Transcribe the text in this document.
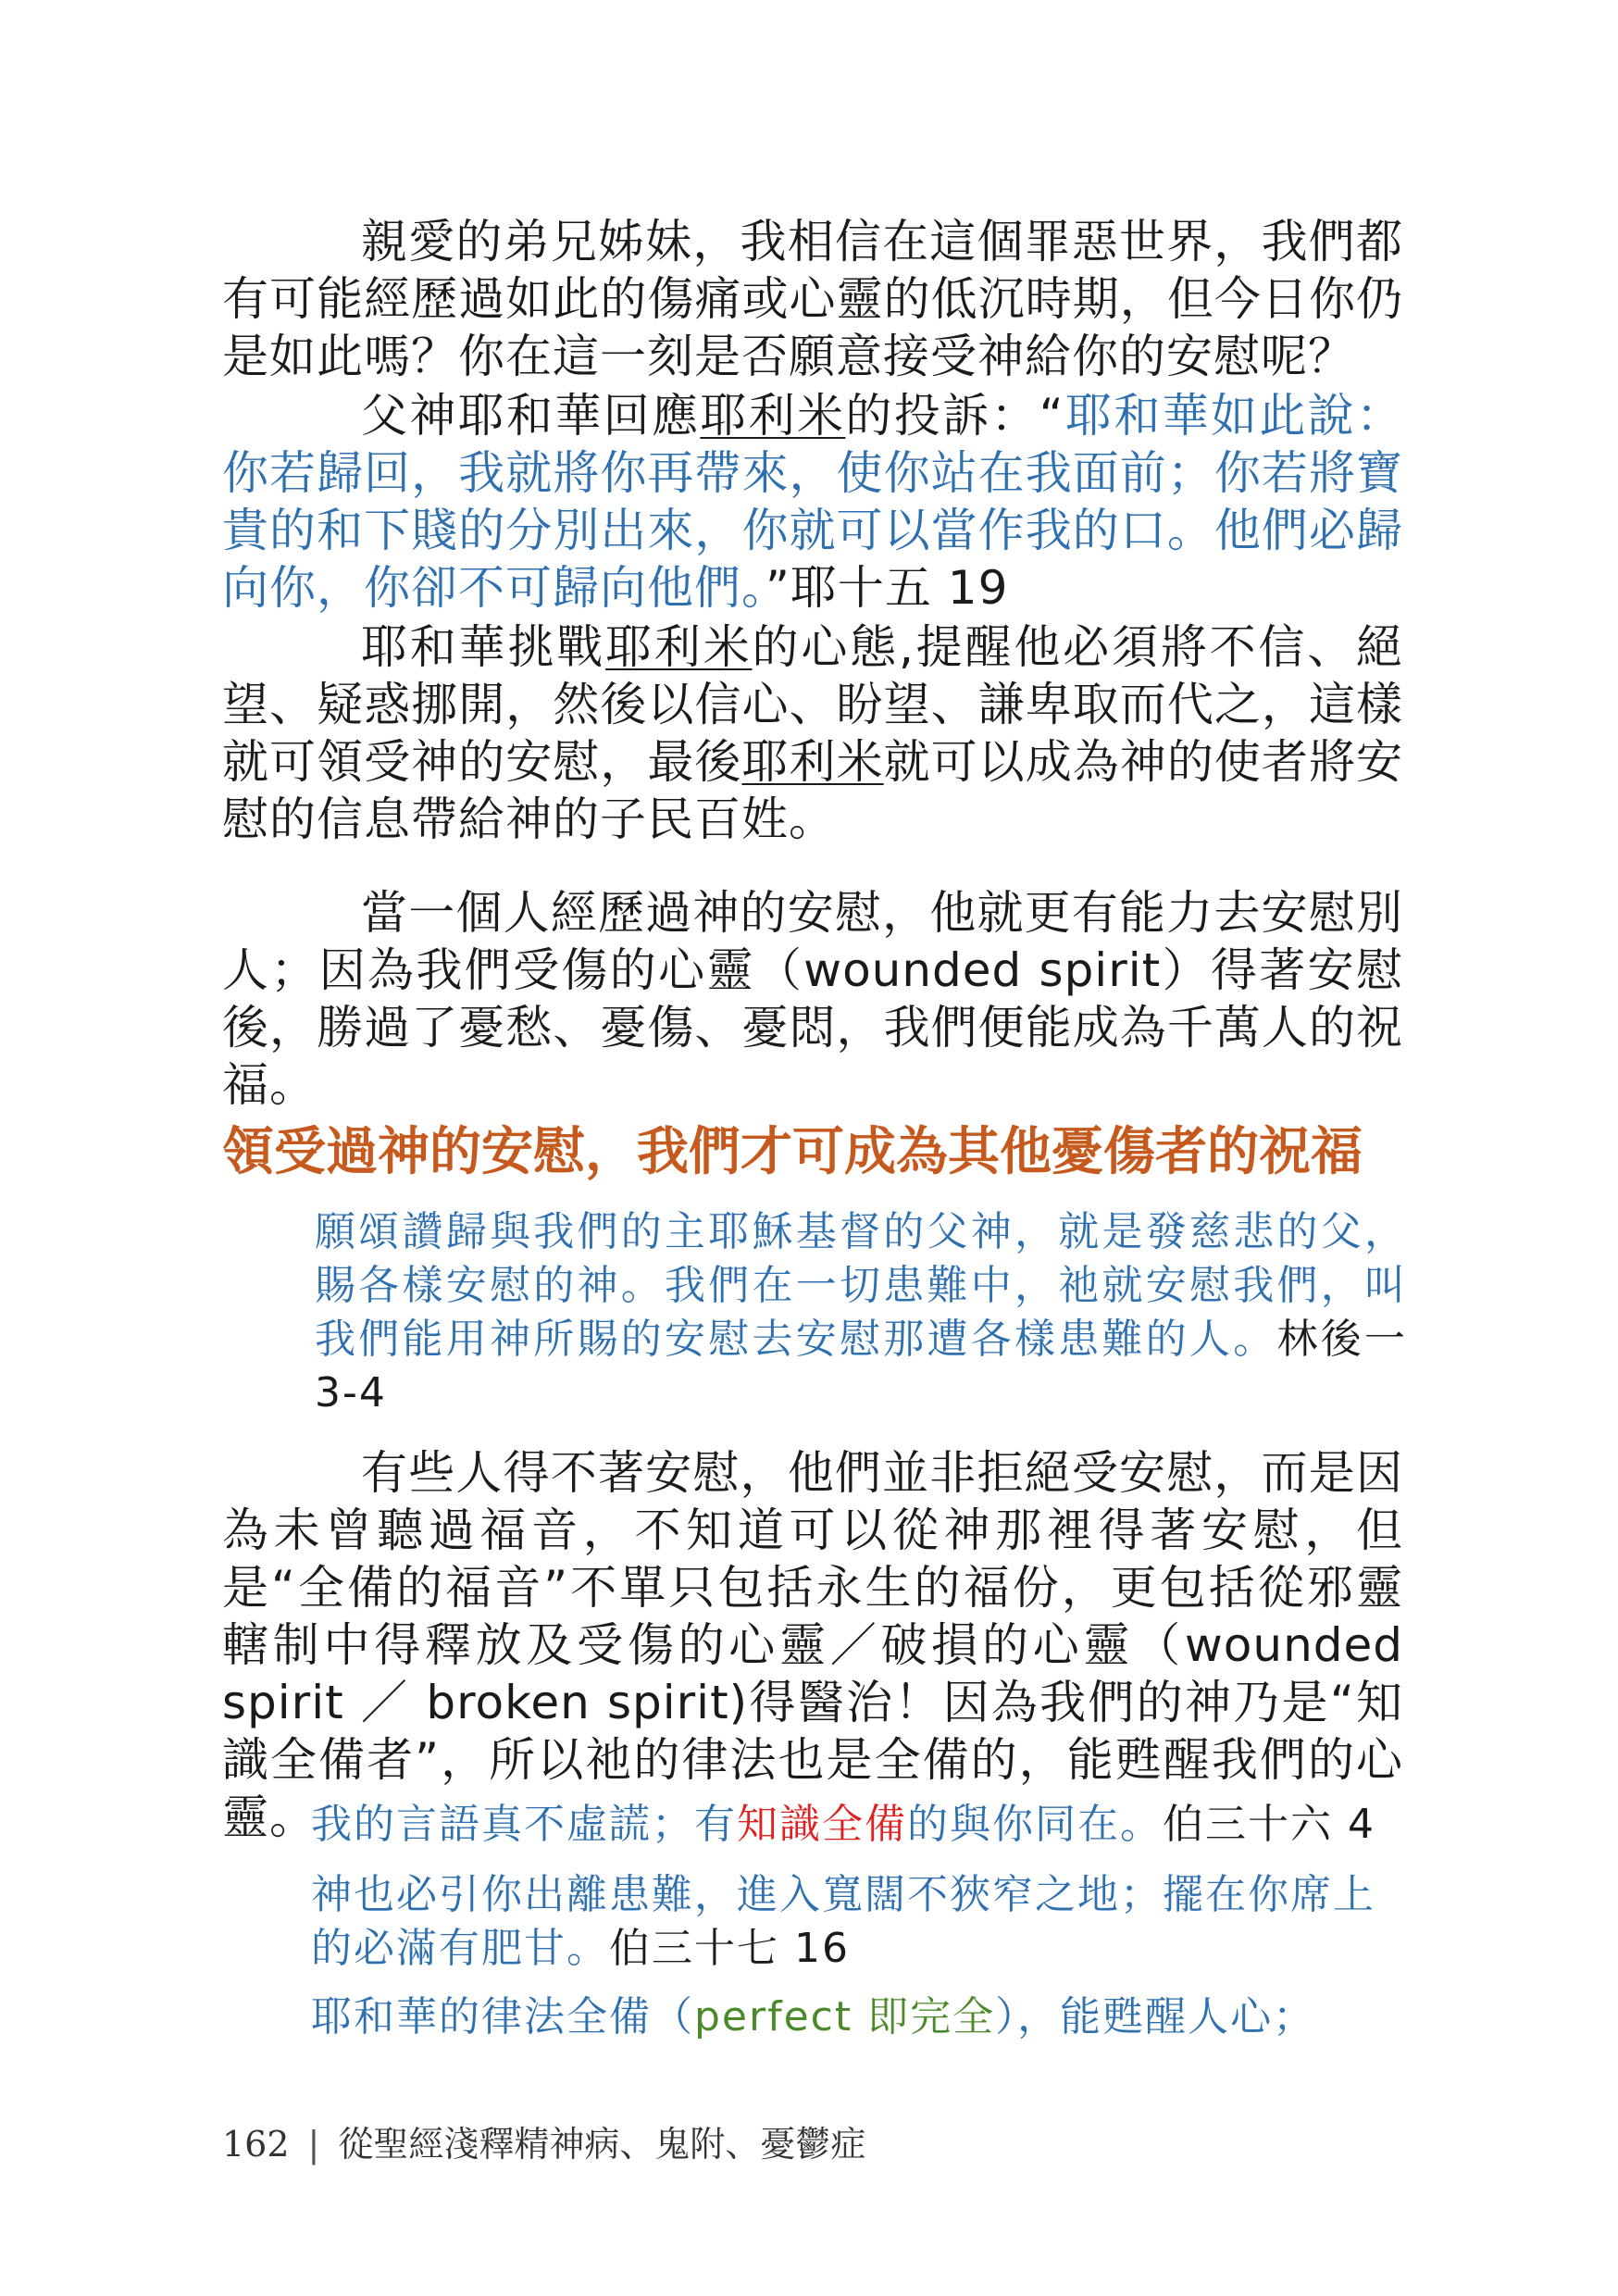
親愛的弟兄姊妹，我相信在這個罪惡世界，我們都有可能經歷過如此的傷痛或心靈的低沉時期，但今日你仍是如此嗎？你在這一刻是否願意接受神給你的安慰呢？

父神耶和華回應耶利米的投訴：“耶和華如此說：你若歸回，我就將你再帶來，使你站在我面前；你若將寶貴的和下賤的分別出來，你就可以當作我的口。他們必歸向你，你卻不可歸向他們。”耶十五 19

耶和華挑戰耶利米的心態,提醒他必須將不信、絕望、疑惑挪開，然後以信心、盼望、謙卑取而代之，這樣就可領受神的安慰，最後耶利米就可以成為神的使者將安慰的信息帶給神的子民百姓。

當一個人經歷過神的安慰，他就更有能力去安慰別人；因為我們受傷的心靈（wounded spirit）得著安慰後，勝過了憂愁、憂傷、憂悶，我們便能成為千萬人的祝福。

領受過神的安慰，我們才可成為其他憂傷者的祝福

願頌讚歸與我們的主耶穌基督的父神，就是發慈悲的父，賜各樣安慰的神。我們在一切患難中，祂就安慰我們，叫我們能用神所賜的安慰去安慰那遭各樣患難的人。林後一 3-4

有些人得不著安慰，他們並非拒絕受安慰，而是因為未曾聽過福音，不知道可以從神那裡得著安慰，但是“全備的福音”不單只包括永生的福份，更包括從邪靈轄制中得釋放及受傷的心靈／破損的心靈（wounded spirit ／ broken spirit)得醫治！因為我們的神乃是“知識全備者”，所以祂的律法也是全備的，能甦醒我們的心靈。

我的言語真不虛謊；有知識全備的與你同在。伯三十六 4

神也必引你出離患難，進入寬闊不狹窄之地；擺在你席上的必滿有肥甘。伯三十七 16

耶和華的律法全備（perfect 即完全），能甦醒人心；

162 | 從聖經淺釋精神病、鬼附、憂鬱症
